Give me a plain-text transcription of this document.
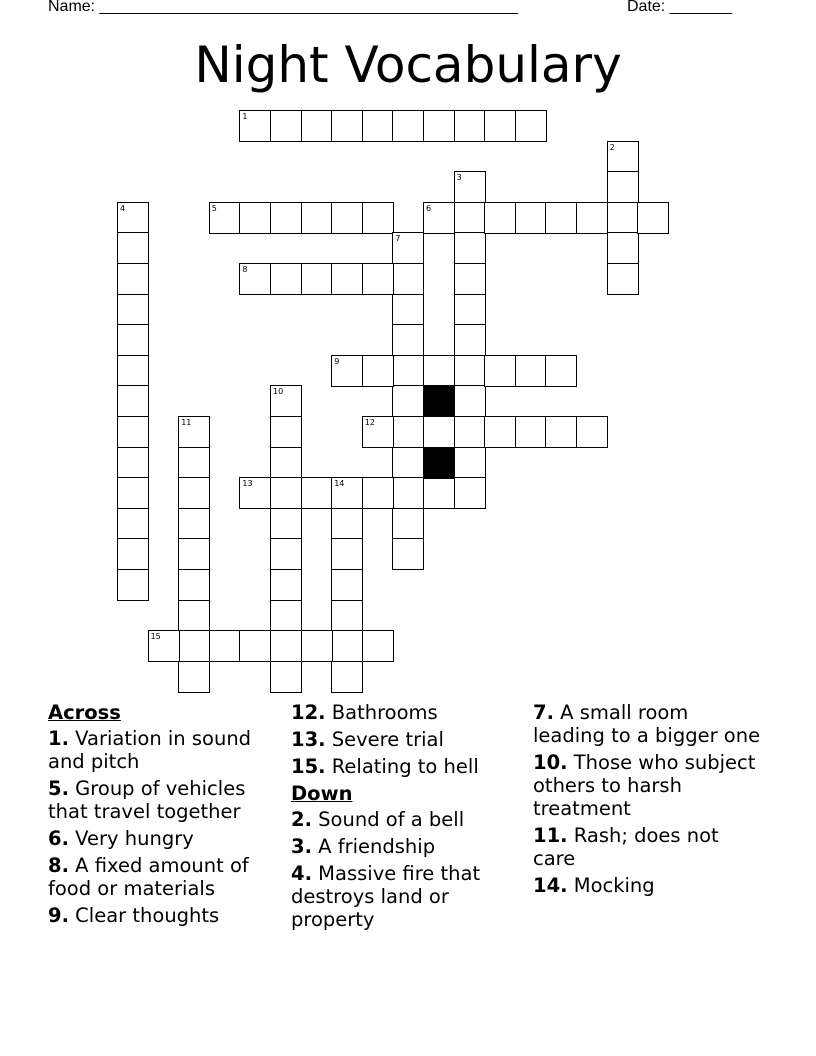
Name: _______________________________________________	Date: _______
Night Vocabulary
1
2
3
4	5	6
7
8
9
10
11	12
13	14
15
Across
1. Variation in sound and pitch
5. Group of vehicles that travel together
6. Very hungry
8. A fixed amount of food or materials
9. Clear thoughts
12. Bathrooms
13. Severe trial
15. Relating to hell
Down
2. Sound of a bell
3. A friendship
4. Massive fire that destroys land or property
7. A small room leading to a bigger one
10. Those who subject others to harsh treatment
11. Rash; does not care
14. Mocking
